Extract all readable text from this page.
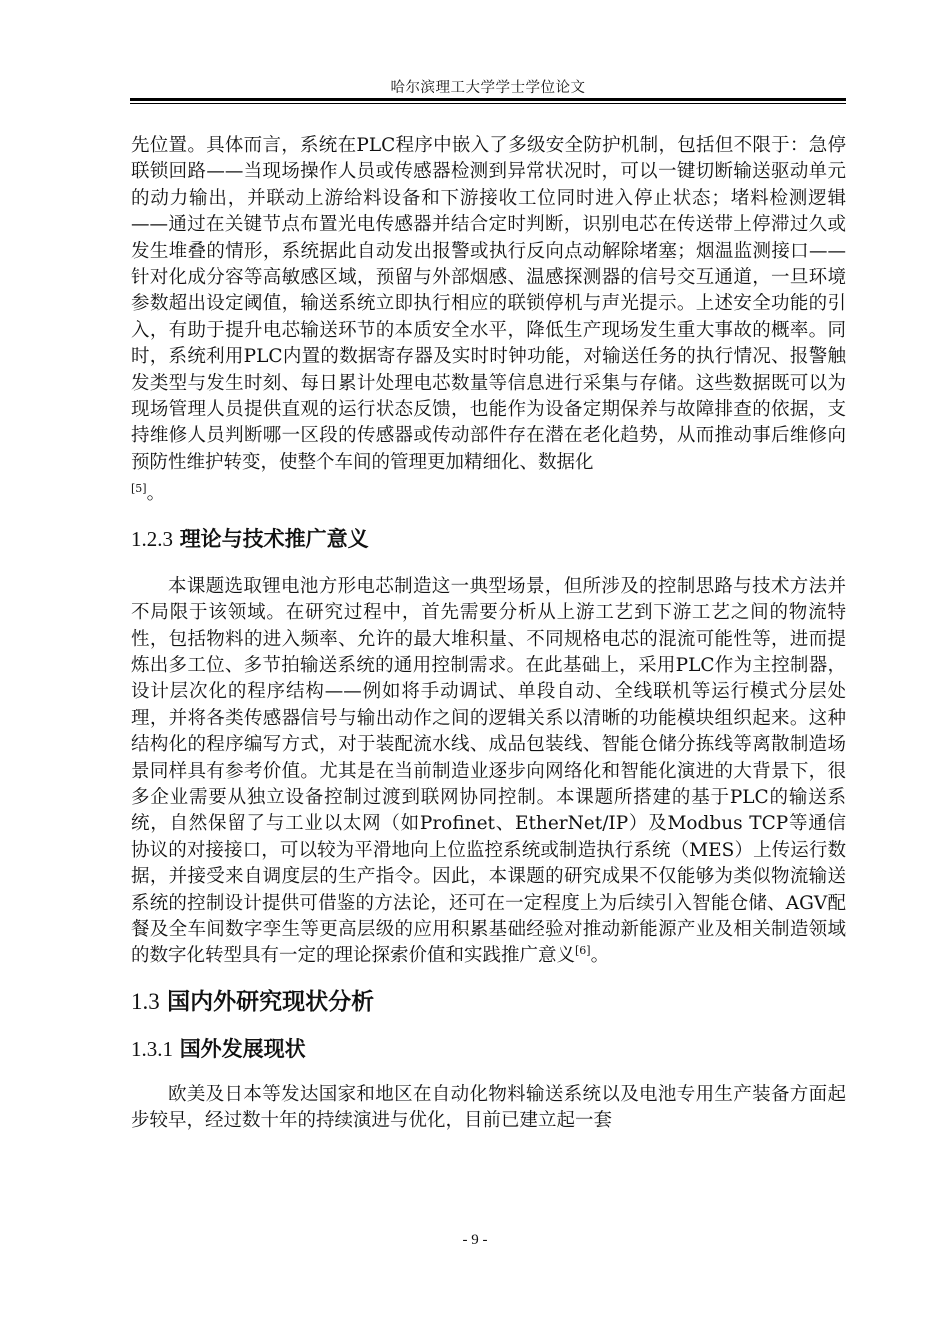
哈尔滨理工大学学士学位论文

先位置。具体而言，系统在PLC程序中嵌入了多级安全防护机制，包括但不限于：急停联锁回路——当现场操作人员或传感器检测到异常状况时，可以一键切断输送驱动单元的动力输出，并联动上游给料设备和下游接收工位同时进入停止状态；堵料检测逻辑——通过在关键节点布置光电传感器并结合定时判断，识别电芯在传送带上停滞过久或发生堆叠的情形，系统据此自动发出报警或执行反向点动解除堵塞；烟温监测接口——针对化成分容等高敏感区域，预留与外部烟感、温感探测器的信号交互通道，一旦环境参数超出设定阈值，输送系统立即执行相应的联锁停机与声光提示。上述安全功能的引入，有助于提升电芯输送环节的本质安全水平，降低生产现场发生重大事故的概率。同时，系统利用PLC内置的数据寄存器及实时时钟功能，对输送任务的执行情况、报警触发类型与发生时刻、每日累计处理电芯数量等信息进行采集与存储。这些数据既可以为现场管理人员提供直观的运行状态反馈，也能作为设备定期保养与故障排查的依据，支持维修人员判断哪一区段的传感器或传动部件存在潜在老化趋势，从而推动事后维修向预防性维护转变，使整个车间的管理更加精细化、数据化
[5]。

1.2.3 理论与技术推广意义

本课题选取锂电池方形电芯制造这一典型场景，但所涉及的控制思路与技术方法并不局限于该领域。在研究过程中，首先需要分析从上游工艺到下游工艺之间的物流特性，包括物料的进入频率、允许的最大堆积量、不同规格电芯的混流可能性等，进而提炼出多工位、多节拍输送系统的通用控制需求。在此基础上，采用PLC作为主控制器，设计层次化的程序结构——例如将手动调试、单段自动、全线联机等运行模式分层处理，并将各类传感器信号与输出动作之间的逻辑关系以清晰的功能模块组织起来。这种结构化的程序编写方式，对于装配流水线、成品包装线、智能仓储分拣线等离散制造场景同样具有参考价值。尤其是在当前制造业逐步向网络化和智能化演进的大背景下，很多企业需要从独立设备控制过渡到联网协同控制。本课题所搭建的基于PLC的输送系统，自然保留了与工业以太网（如Profinet、EtherNet/IP）及Modbus TCP等通信协议的对接接口，可以较为平滑地向上位监控系统或制造执行系统（MES）上传运行数据，并接受来自调度层的生产指令。因此，本课题的研究成果不仅能够为类似物流输送系统的控制设计提供可借鉴的方法论，还可在一定程度上为后续引入智能仓储、AGV配餐及全车间数字孪生等更高层级的应用积累基础经验对推动新能源产业及相关制造领域的数字化转型具有一定的理论探索价值和实践推广意义[6]。

1.3 国内外研究现状分析
1.3.1 国外发展现状

欧美及日本等发达国家和地区在自动化物料输送系统以及电池专用生产装备方面起步较早，经过数十年的持续演进与优化，目前已建立起一套

- 9 -
